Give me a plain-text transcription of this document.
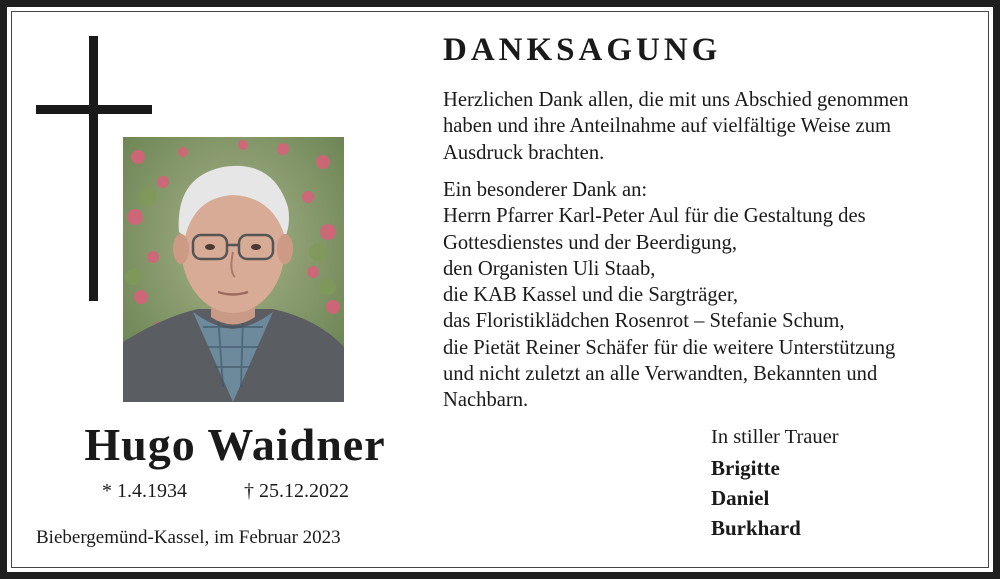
Hugo Waidner
* 1.4.1934	† 25.12.2022
Biebergemünd-Kassel, im Februar 2023
DANKSAGUNG

Herzlichen Dank allen, die mit uns Abschied genommen
haben und ihre Anteilnahme auf vielfältige Weise zum
Ausdruck brachten.

Ein besonderer Dank an:
Herrn Pfarrer Karl-Peter Aul für die Gestaltung des
Gottesdienstes und der Beerdigung,
den Organisten Uli Staab,
die KAB Kassel und die Sargträger,
das Floristiklädchen Rosenrot – Stefanie Schum,
die Pietät Reiner Schäfer für die weitere Unterstützung
und nicht zuletzt an alle Verwandten, Bekannten und
Nachbarn.

In stiller Trauer
Brigitte
Daniel
Burkhard
